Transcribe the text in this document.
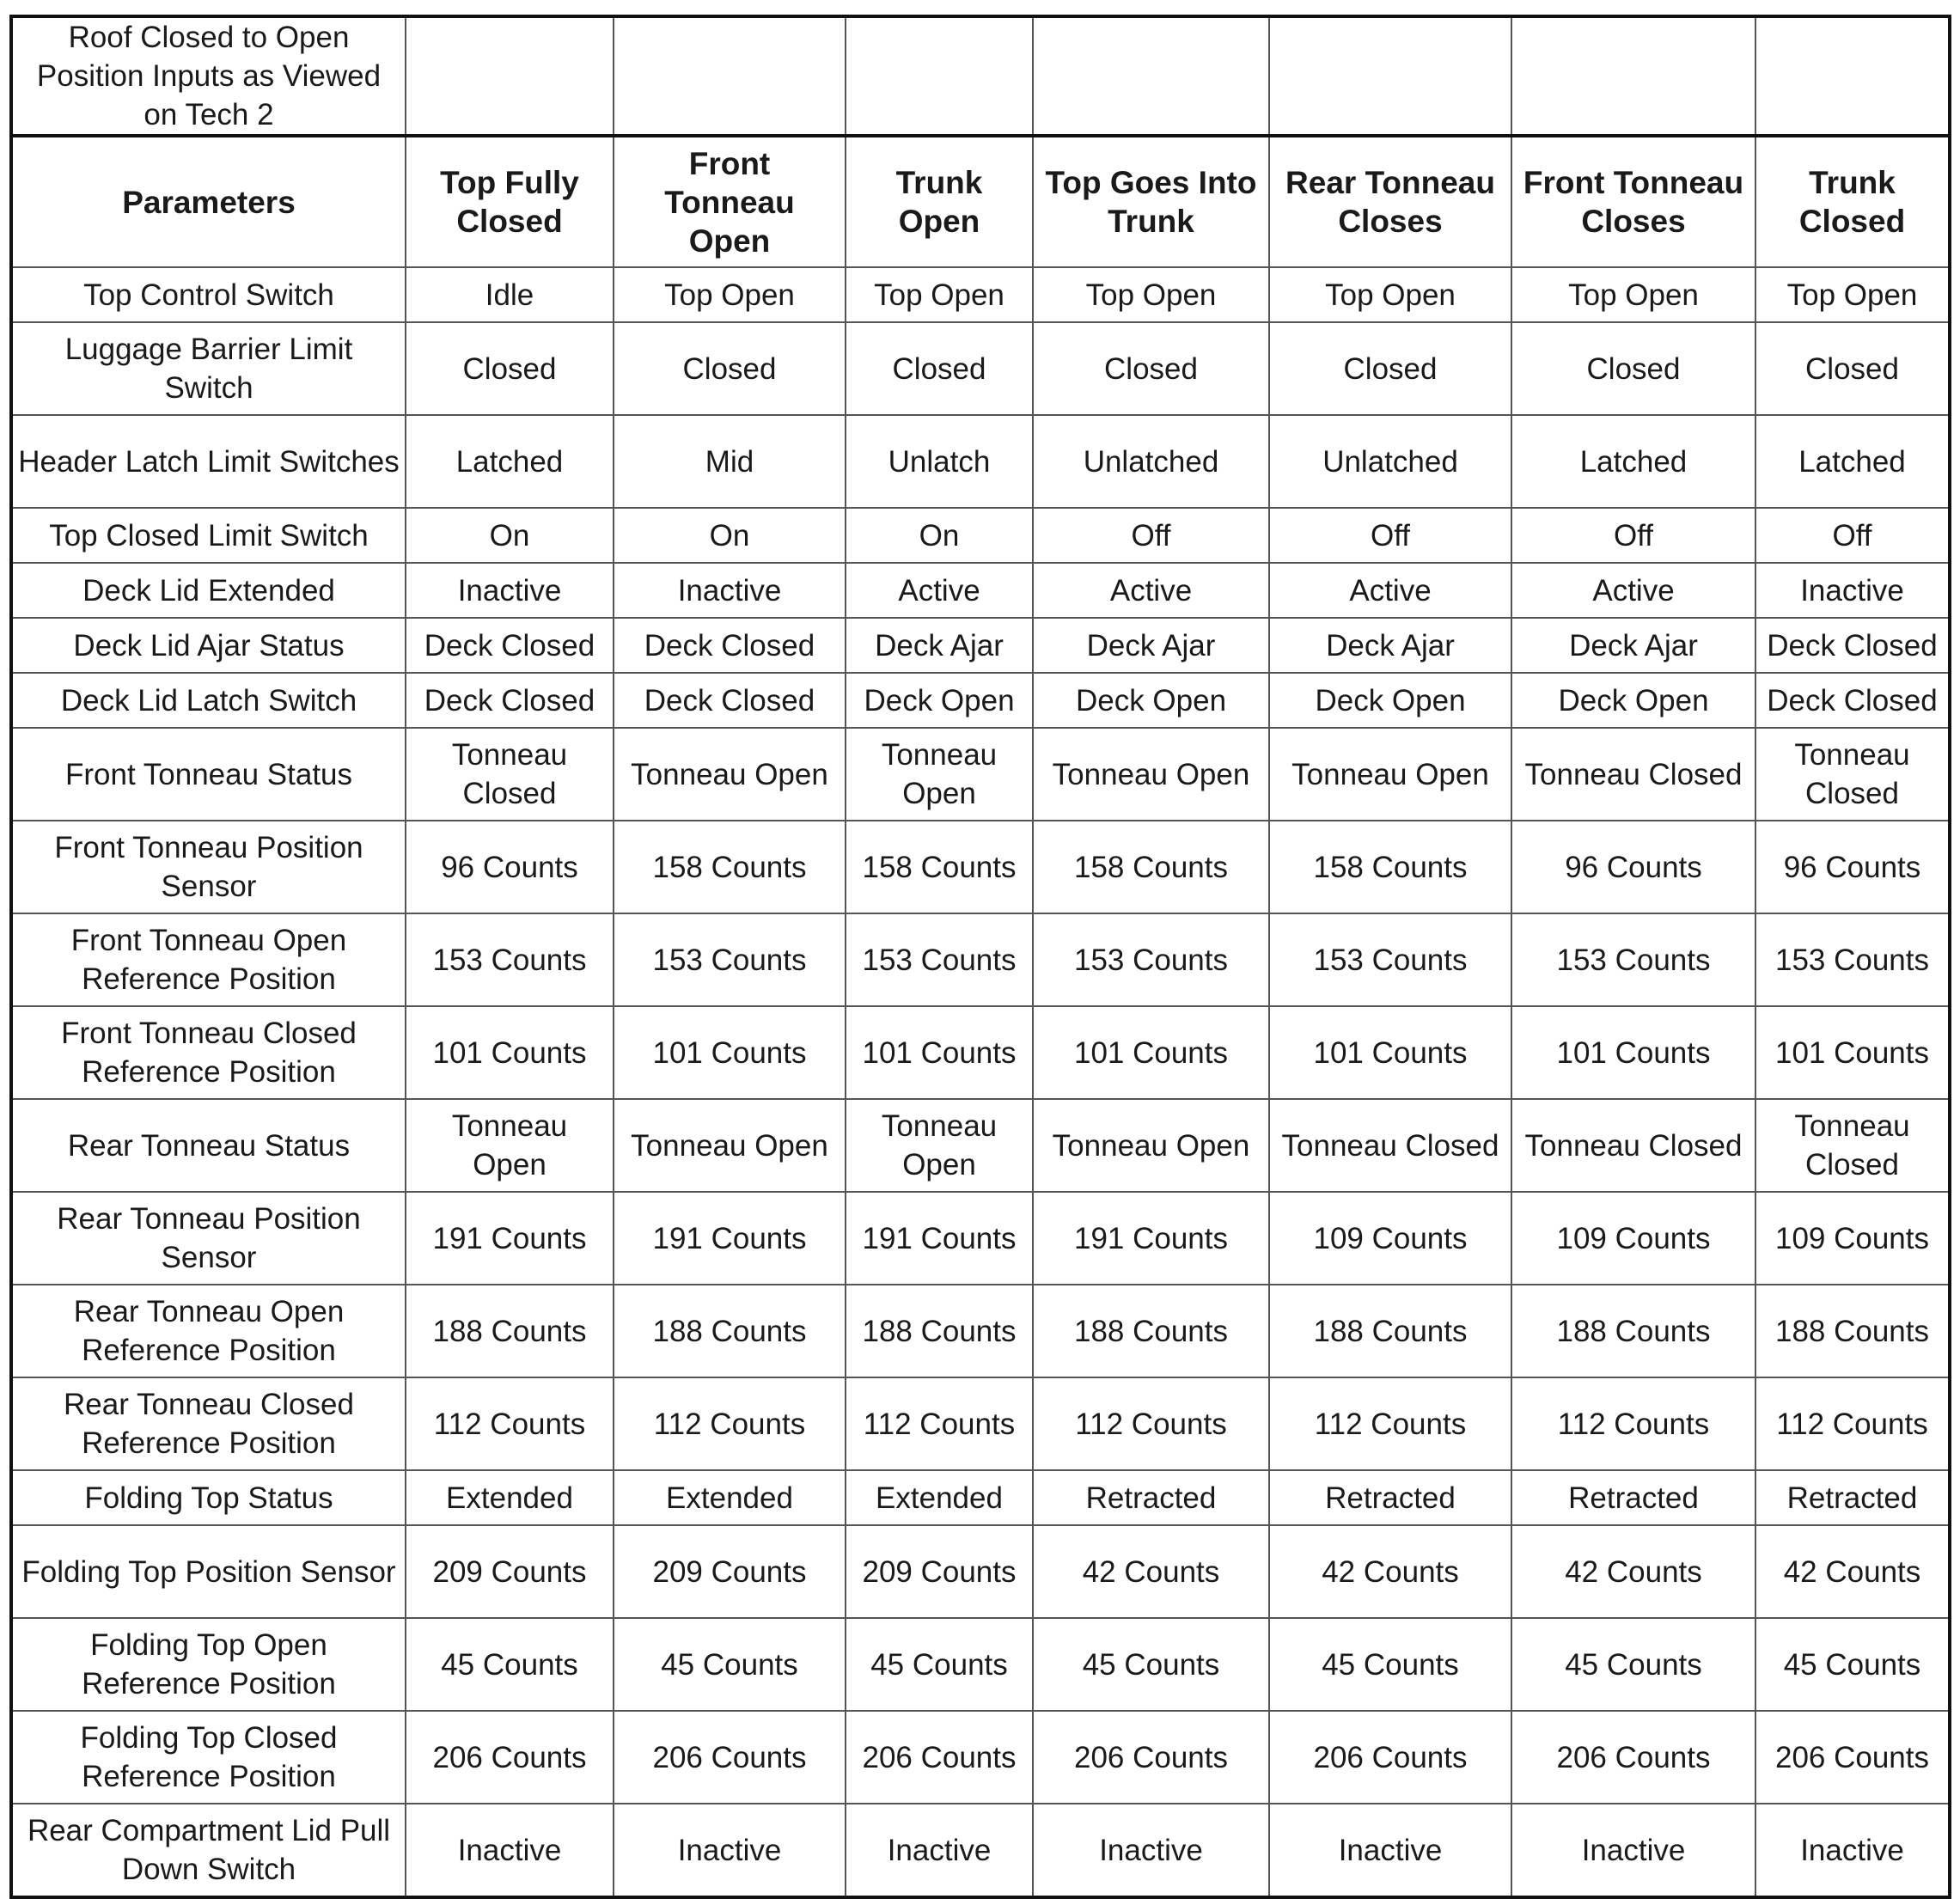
Roof Closed to Open Position Inputs as Viewed on Tech 2							
Parameters	Top Fully Closed	Front Tonneau Open	Trunk Open	Top Goes Into Trunk	Rear Tonneau Closes	Front Tonneau Closes	Trunk Closed
Top Control Switch	Idle	Top Open	Top Open	Top Open	Top Open	Top Open	Top Open
Luggage Barrier Limit Switch	Closed	Closed	Closed	Closed	Closed	Closed	Closed
Header Latch Limit Switches	Latched	Mid	Unlatch	Unlatched	Unlatched	Latched	Latched
Top Closed Limit Switch	On	On	On	Off	Off	Off	Off
Deck Lid Extended	Inactive	Inactive	Active	Active	Active	Active	Inactive
Deck Lid Ajar Status	Deck Closed	Deck Closed	Deck Ajar	Deck Ajar	Deck Ajar	Deck Ajar	Deck Closed
Deck Lid Latch Switch	Deck Closed	Deck Closed	Deck Open	Deck Open	Deck Open	Deck Open	Deck Closed
Front Tonneau Status	Tonneau Closed	Tonneau Open	Tonneau Open	Tonneau Open	Tonneau Open	Tonneau Closed	Tonneau Closed
Front Tonneau Position Sensor	96 Counts	158 Counts	158 Counts	158 Counts	158 Counts	96 Counts	96 Counts
Front Tonneau Open Reference Position	153 Counts	153 Counts	153 Counts	153 Counts	153 Counts	153 Counts	153 Counts
Front Tonneau Closed Reference Position	101 Counts	101 Counts	101 Counts	101 Counts	101 Counts	101 Counts	101 Counts
Rear Tonneau Status	Tonneau Open	Tonneau Open	Tonneau Open	Tonneau Open	Tonneau Closed	Tonneau Closed	Tonneau Closed
Rear Tonneau Position Sensor	191 Counts	191 Counts	191 Counts	191 Counts	109 Counts	109 Counts	109 Counts
Rear Tonneau Open Reference Position	188 Counts	188 Counts	188 Counts	188 Counts	188 Counts	188 Counts	188 Counts
Rear Tonneau Closed Reference Position	112 Counts	112 Counts	112 Counts	112 Counts	112 Counts	112 Counts	112 Counts
Folding Top Status	Extended	Extended	Extended	Retracted	Retracted	Retracted	Retracted
Folding Top Position Sensor	209 Counts	209 Counts	209 Counts	42 Counts	42 Counts	42 Counts	42 Counts
Folding Top Open Reference Position	45 Counts	45 Counts	45 Counts	45 Counts	45 Counts	45 Counts	45 Counts
Folding Top Closed Reference Position	206 Counts	206 Counts	206 Counts	206 Counts	206 Counts	206 Counts	206 Counts
Rear Compartment Lid Pull Down Switch	Inactive	Inactive	Inactive	Inactive	Inactive	Inactive	Inactive
